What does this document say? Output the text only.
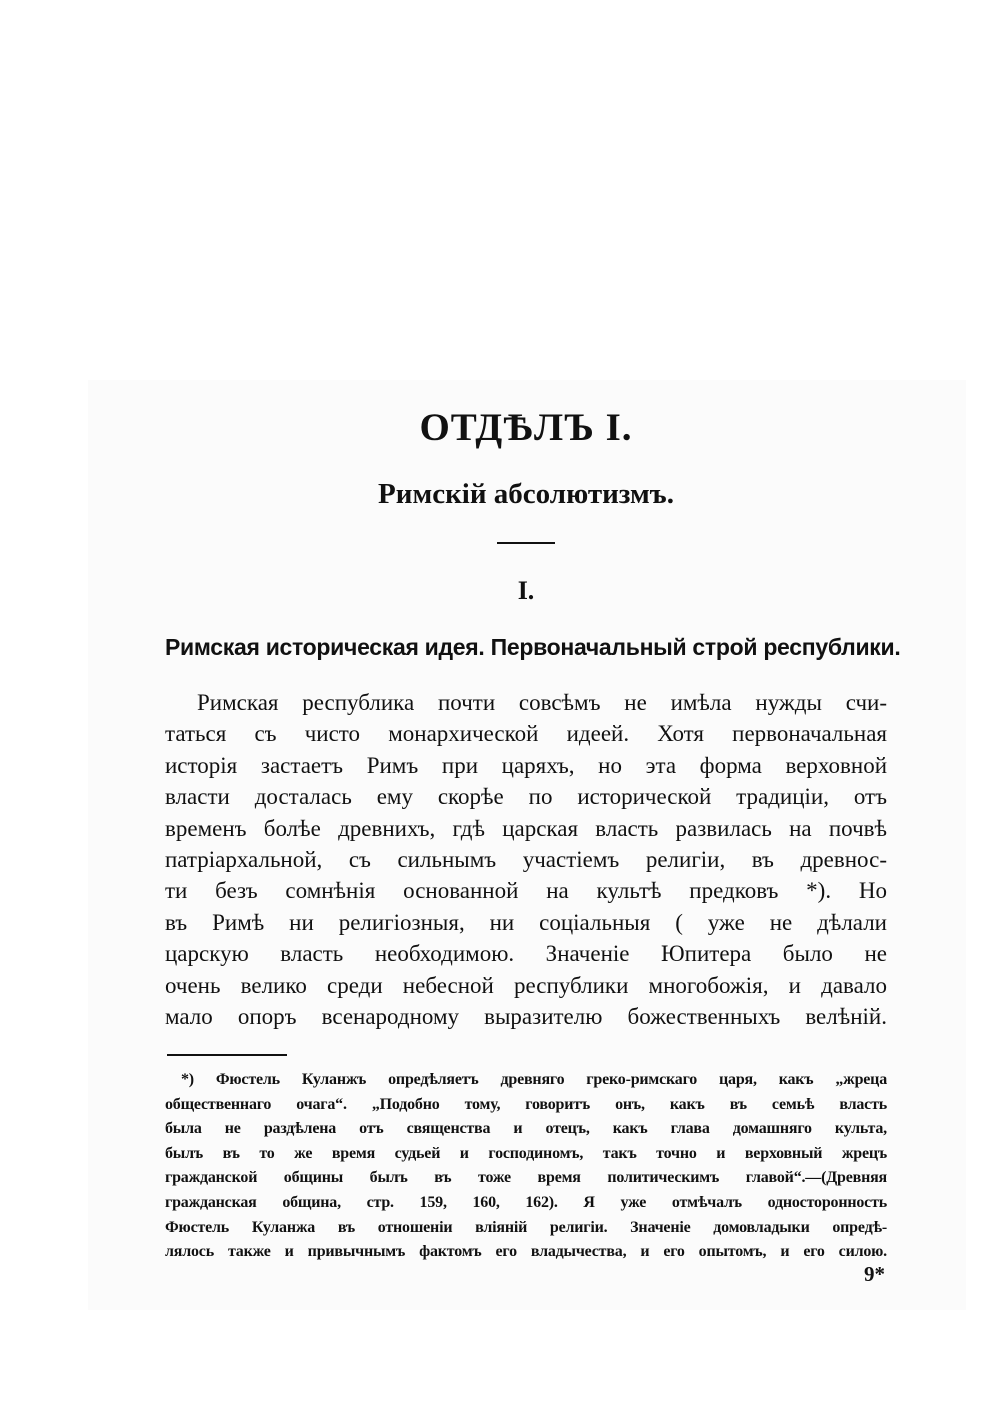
ОТДѢЛЪ I.
Римскій абсолютизмъ.
I.
Римская историческая идея. Первоначальный строй республики.
Римская республика почти совсѣмъ не имѣла нужды счи-
таться съ чисто монархической идеей. Хотя первоначальная
исторія застаетъ Римъ при царяхъ, но эта форма верховной
власти досталась ему скорѣе по исторической традиціи, отъ
временъ болѣе древнихъ, гдѣ царская власть развилась на почвѣ
патріархальной, съ сильнымъ участіемъ религіи, въ древнос-
ти безъ сомнѣнія основанной на культѣ предковъ *). Но
въ Римѣ ни религіозныя, ни соціальныя ( уже не дѣлали
царскую власть необходимою. Значеніе Юпитера было не
очень велико среди небесной республики многобожія, и давало
мало опоръ всенародному выразителю божественныхъ велѣній.
*) Фюстель Куланжъ опредѣляетъ древняго греко-римскаго царя, какъ „жреца
общественнаго очага“. „Подобно тому, говоритъ онъ, какъ въ семьѣ власть
была не раздѣлена отъ священства и отецъ, какъ глава домашняго культа,
былъ въ то же время судьей и господиномъ, такъ точно и верховный жрецъ
гражданской общины былъ въ тоже время политическимъ главой“.—(Древняя
гражданская община, стр. 159, 160, 162). Я уже отмѣчалъ односторонность
Фюстель Куланжа въ отношеніи вліяній религіи. Значеніе домовладыки опредѣ-
лялось также и привычнымъ фактомъ его владычества, и его опытомъ, и его силою.
9*
